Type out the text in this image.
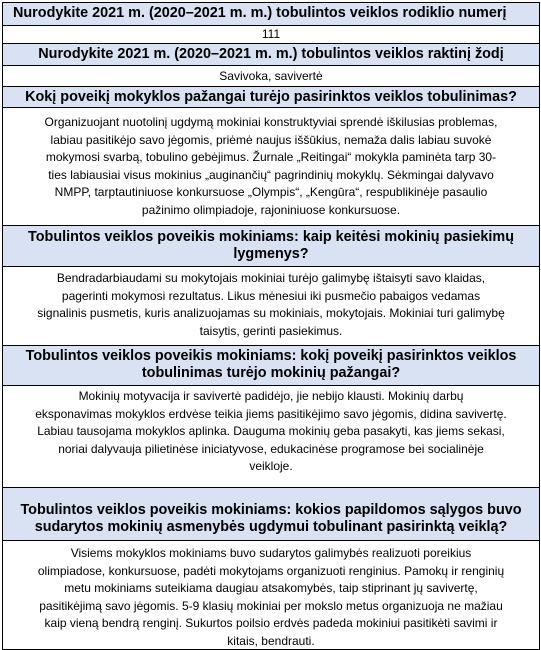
Nurodykite 2021 m. (2020–2021 m. m.) tobulintos veiklos rodiklio numerį
111
Nurodykite 2021 m. (2020–2021 m. m.) tobulintos veiklos raktinį žodį
Savivoka, savivertė
Kokį poveikį mokyklos pažangai turėjo pasirinktos veiklos tobulinimas?
Organizuojant nuotolinį ugdymą mokiniai konstruktyviai sprendė iškilusias problemas,
labiau pasitikėjo savo jėgomis, priėmė naujus iššūkius, nemaža dalis labiau suvokė
mokymosi svarbą, tobulino gebėjimus. Žurnale „Reitingai“ mokykla paminėta tarp 30-
ties labiausiai visus mokinius „auginančių“ pagrindinių mokyklų. Sėkmingai dalyvavo
NMPP, tarptautiniuose konkursuose „Olympis“, „Kengūra“, respublikinėje pasaulio
pažinimo olimpiadoje, rajoniniuose konkursuose.
Tobulintos veiklos poveikis mokiniams: kaip keitėsi mokinių pasiekimų
lygmenys?
Bendradarbiaudami su mokytojais mokiniai turėjo galimybę ištaisyti savo klaidas,
pagerinti mokymosi rezultatus. Likus mėnesiui iki pusmečio pabaigos vedamas
signalinis pusmetis, kuris analizuojamas su mokiniais, mokytojais. Mokiniai turi galimybę
taisytis, gerinti pasiekimus.
Tobulintos veiklos poveikis mokiniams: kokį poveikį pasirinktos veiklos
tobulinimas turėjo mokinių pažangai?
Mokinių motyvacija ir savivertė padidėjo, jie nebijo klausti. Mokinių darbų
eksponavimas mokyklos erdvėse teikia jiems pasitikėjimo savo jėgomis, didina savivertę.
Labiau tausojama mokyklos aplinka. Dauguma mokinių geba pasakyti, kas jiems sekasi,
noriai dalyvauja pilietinėse iniciatyvose, edukacinėse programose bei socialinėje
veikloje.
Tobulintos veiklos poveikis mokiniams: kokios papildomos sąlygos buvo
sudarytos mokinių asmenybės ugdymui tobulinant pasirinktą veiklą?
Visiems mokyklos mokiniams buvo sudarytos galimybės realizuoti poreikius
olimpiadose, konkursuose, padėti mokytojams organizuoti renginius. Pamokų ir renginių
metu mokiniams suteikiama daugiau atsakomybės, taip stiprinant jų savivertę,
pasitikėjimą savo jėgomis. 5-9 klasių mokiniai per mokslo metus organizuoja ne mažiau
kaip vieną bendrą renginį. Sukurtos poilsio erdvės padeda mokiniui pasitikėti savimi ir
kitais, bendrauti.
